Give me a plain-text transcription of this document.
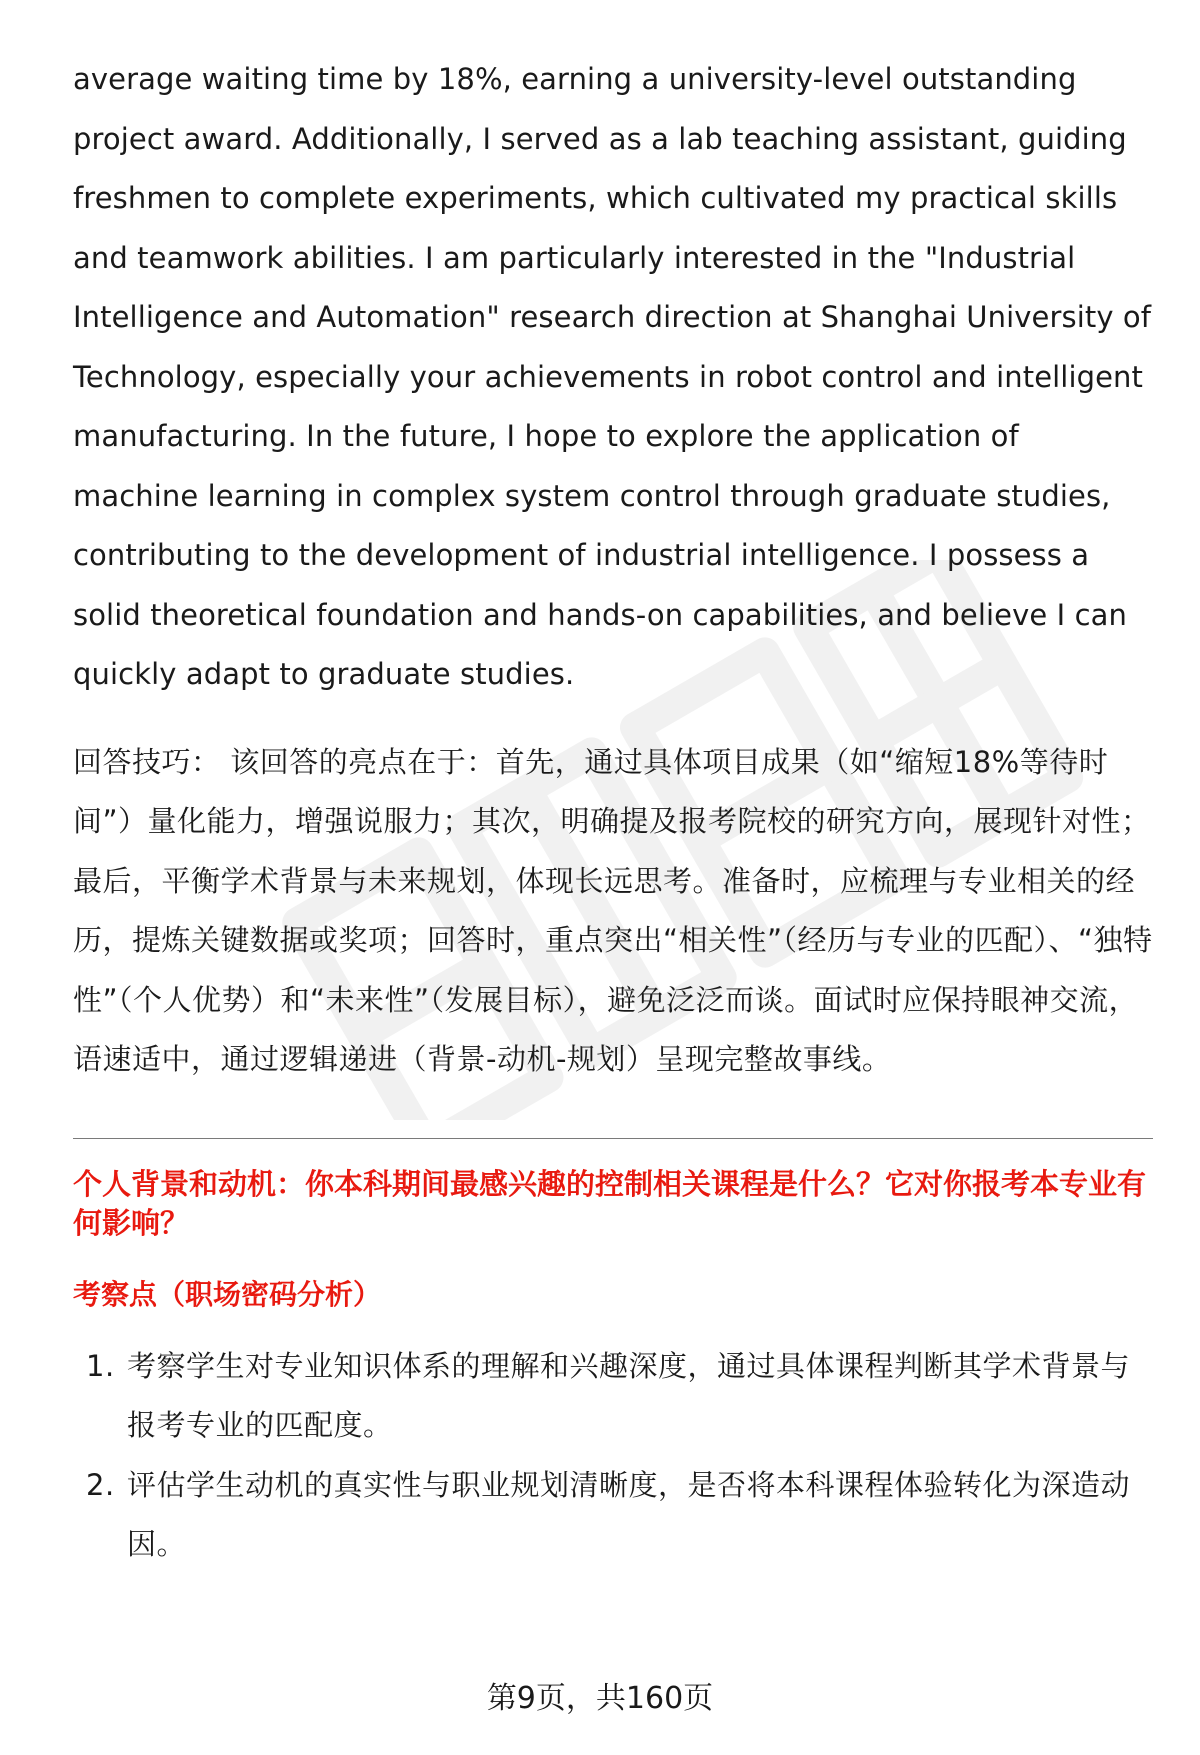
average waiting time by 18%, earning a university-level outstanding project award. Additionally, I served as a lab teaching assistant, guiding freshmen to complete experiments, which cultivated my practical skills and teamwork abilities. I am particularly interested in the "Industrial Intelligence and Automation" research direction at Shanghai University of Technology, especially your achievements in robot control and intelligent manufacturing. In the future, I hope to explore the application of machine learning in complex system control through graduate studies, contributing to the development of industrial intelligence. I possess a solid theoretical foundation and hands-on capabilities, and believe I can quickly adapt to graduate studies.

回答技巧： 该回答的亮点在于：首先，通过具体项目成果（如“缩短18%等待时间”）量化能力，增强说服力；其次，明确提及报考院校的研究方向，展现针对性；最后，平衡学术背景与未来规划，体现长远思考。准备时，应梳理与专业相关的经历，提炼关键数据或奖项；回答时，重点突出“相关性”（经历与专业的匹配）、“独特性”（个人优势）和“未来性”（发展目标），避免泛泛而谈。面试时应保持眼神交流，语速适中，通过逻辑递进（背景-动机-规划）呈现完整故事线。

个人背景和动机：你本科期间最感兴趣的控制相关课程是什么？它对你报考本专业有何影响？
考察点（职场密码分析）
1. 考察学生对专业知识体系的理解和兴趣深度，通过具体课程判断其学术背景与报考专业的匹配度。
2. 评估学生动机的真实性与职业规划清晰度，是否将本科课程体验转化为深造动因。
第9页，共160页
